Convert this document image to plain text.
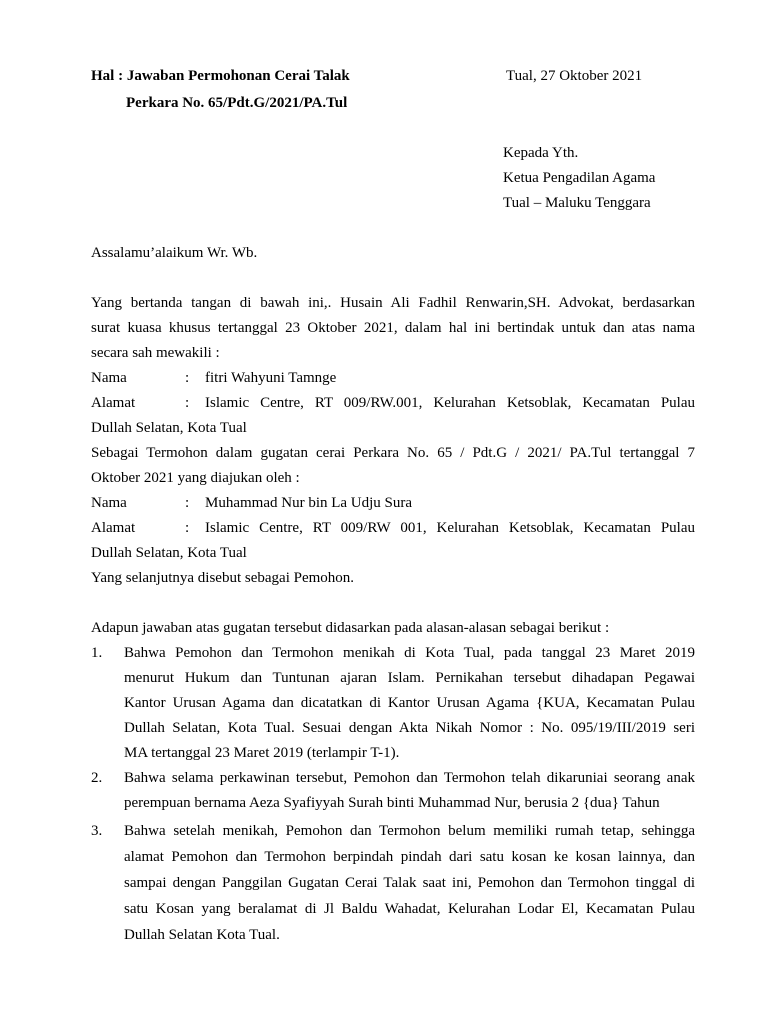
Hal : Jawaban Permohonan Cerai Talak	Tual, 27 Oktober 2021
Perkara No. 65/Pdt.G/2021/PA.Tul
Kepada Yth.
Ketua Pengadilan Agama
Tual – Maluku Tenggara
Assalamu’alaikum Wr. Wb.
Yang bertanda tangan di bawah ini,. Husain Ali Fadhil Renwarin,SH. Advokat, berdasarkan
surat kuasa khusus tertanggal 23 Oktober 2021, dalam hal ini bertindak untuk dan atas nama
secara sah mewakili :
Nama	: fitri Wahyuni Tamnge
Alamat	: Islamic Centre, RT 009/RW.001, Kelurahan Ketsoblak, Kecamatan Pulau
Dullah Selatan, Kota Tual
Sebagai Termohon dalam gugatan cerai Perkara No. 65 / Pdt.G / 2021/ PA.Tul tertanggal 7
Oktober 2021 yang diajukan oleh :
Nama	: Muhammad Nur bin La Udju Sura
Alamat	: Islamic Centre, RT 009/RW 001, Kelurahan Ketsoblak, Kecamatan Pulau
Dullah Selatan, Kota Tual
Yang selanjutnya disebut sebagai Pemohon.
Adapun jawaban atas gugatan tersebut didasarkan pada alasan-alasan sebagai berikut :
1. Bahwa Pemohon dan Termohon menikah di Kota Tual, pada tanggal 23 Maret 2019
menurut Hukum dan Tuntunan ajaran Islam. Pernikahan tersebut dihadapan Pegawai
Kantor Urusan Agama dan dicatatkan di Kantor Urusan Agama {KUA, Kecamatan Pulau
Dullah Selatan, Kota Tual. Sesuai dengan Akta Nikah Nomor : No. 095/19/III/2019 seri
MA tertanggal 23 Maret 2019 (terlampir T-1).
2. Bahwa selama perkawinan tersebut, Pemohon dan Termohon telah dikaruniai seorang anak
perempuan bernama Aeza Syafiyyah Surah binti Muhammad Nur, berusia 2 {dua} Tahun
3. Bahwa setelah menikah, Pemohon dan Termohon belum memiliki rumah tetap, sehingga
alamat Pemohon dan Termohon berpindah pindah dari satu kosan ke kosan lainnya, dan
sampai dengan Panggilan Gugatan Cerai Talak saat ini, Pemohon dan Termohon tinggal di
satu Kosan yang beralamat di Jl Baldu Wahadat, Kelurahan Lodar El, Kecamatan Pulau
Dullah Selatan Kota Tual.
